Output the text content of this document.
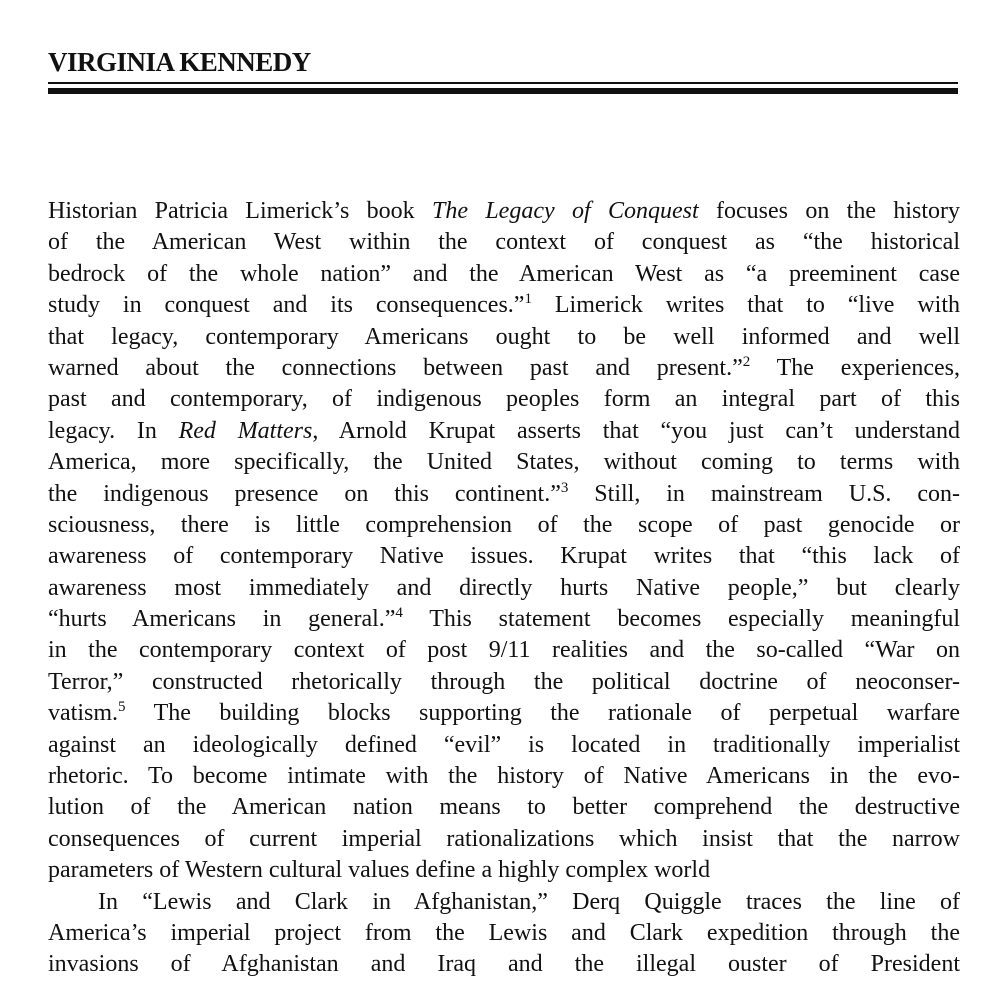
VIRGINIA KENNEDY
Historian Patricia Limerick’s book The Legacy of Conquest focuses on the history
of the American West within the context of conquest as “the historical
bedrock of the whole nation” and the American West as “a preeminent case
study in conquest and its consequences.”$^1$ Limerick writes that to “live with
that legacy, contemporary Americans ought to be well informed and well
warned about the connections between past and present.”$^2$ The experiences,
past and contemporary, of indigenous peoples form an integral part of this
legacy. In Red Matters, Arnold Krupat asserts that “you just can’t understand
America, more specifically, the United States, without coming to terms with
the indigenous presence on this continent.”$^3$ Still, in mainstream U.S. con-
sciousness, there is little comprehension of the scope of past genocide or
awareness of contemporary Native issues. Krupat writes that “this lack of
awareness most immediately and directly hurts Native people,” but clearly
“hurts Americans in general.”$^4$ This statement becomes especially meaningful
in the contemporary context of post 9/11 realities and the so-called “War on
Terror,” constructed rhetorically through the political doctrine of neoconser-
vatism.$^5$ The building blocks supporting the rationale of perpetual warfare
against an ideologically defined “evil” is located in traditionally imperialist
rhetoric. To become intimate with the history of Native Americans in the evo-
lution of the American nation means to better comprehend the destructive
consequences of current imperial rationalizations which insist that the narrow
parameters of Western cultural values define a highly complex world
In “Lewis and Clark in Afghanistan,” Derq Quiggle traces the line of
America’s imperial project from the Lewis and Clark expedition through the
invasions of Afghanistan and Iraq and the illegal ouster of President
